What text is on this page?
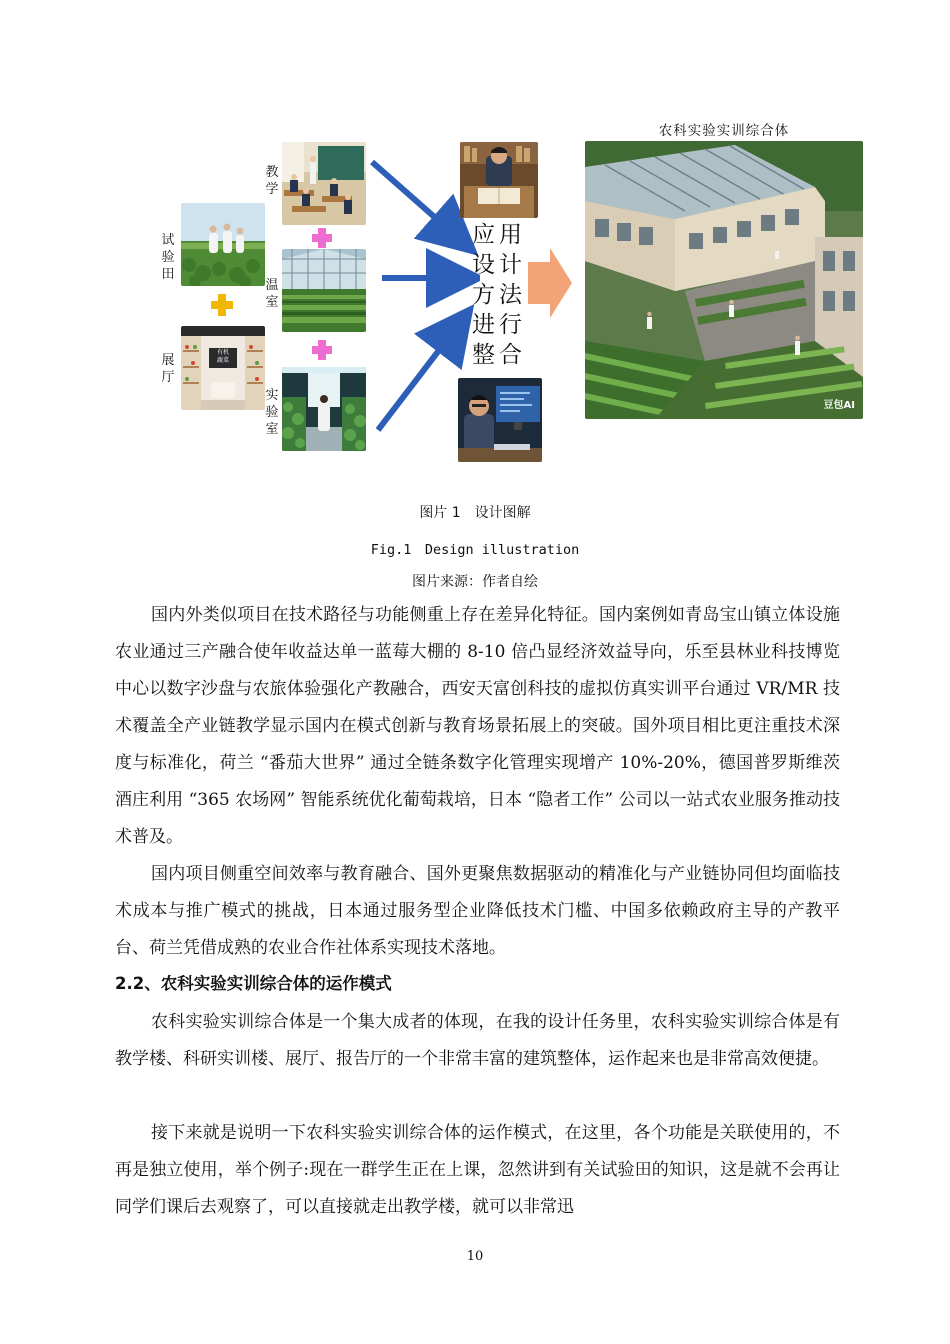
试
验
田
展
厅
教
学
温
室
实
验
室
有机
蔬菜
应用
设计
方法
进行
整合
农科实验实训综合体
豆包AI
图片 1　设计图解
Fig.1　Design illustration
图片来源：作者自绘
国内外类似项目在技术路径与功能侧重上存在差异化特征。国内案例如青岛宝山镇立体设施农业通过三产融合使年收益达单一蓝莓大棚的 8-10 倍凸显经济效益导向，乐至县林业科技博览中心以数字沙盘与农旅体验强化产教融合，西安天富创科技的虚拟仿真实训平台通过 VR/MR 技术覆盖全产业链教学显示国内在模式创新与教育场景拓展上的突破。国外项目相比更注重技术深度与标准化，荷兰 “番茄大世界” 通过全链条数字化管理实现增产 10%-20%，德国普罗斯维茨酒庄利用 “365 农场网” 智能系统优化葡萄栽培，日本 “隐者工作” 公司以一站式农业服务推动技术普及。
国内项目侧重空间效率与教育融合、国外更聚焦数据驱动的精准化与产业链协同但均面临技术成本与推广模式的挑战，日本通过服务型企业降低技术门槛、中国多依赖政府主导的产教平台、荷兰凭借成熟的农业合作社体系实现技术落地。
2.2、农科实验实训综合体的运作模式
农科实验实训综合体是一个集大成者的体现，在我的设计任务里，农科实验实训综合体是有教学楼、科研实训楼、展厅、报告厅的一个非常丰富的建筑整体，运作起来也是非常高效便捷。
接下来就是说明一下农科实验实训综合体的运作模式，在这里，各个功能是关联使用的，不再是独立使用，举个例子:现在一群学生正在上课，忽然讲到有关试验田的知识，这是就不会再让同学们课后去观察了，可以直接就走出教学楼，就可以非常迅
10
